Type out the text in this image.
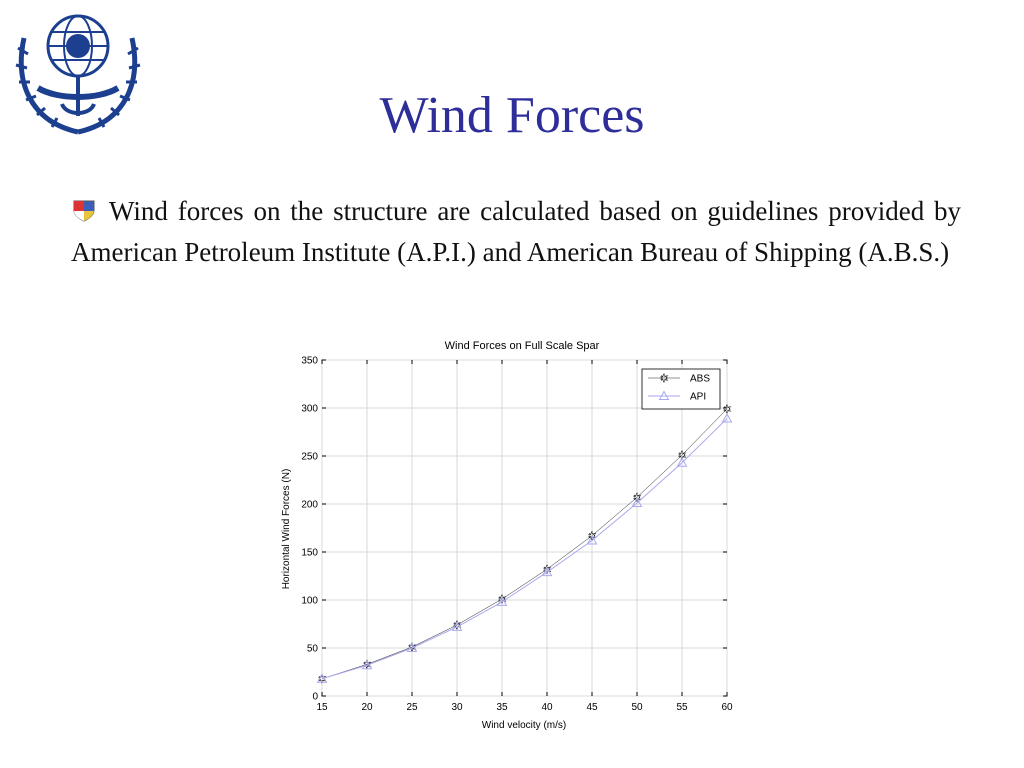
Wind Forces
Wind forces on the structure are calculated based on guidelines provided by American Petroleum Institute (A.P.I.) and American Bureau of Shipping (A.B.S.)
Wind Forces on Full Scale Spar
15	20	25	30	35	40	45	50	55	60
0
50
100
150
200
250
300
350
Wind velocity (m/s)
Horizontal Wind Forces (N)
ABS
API
